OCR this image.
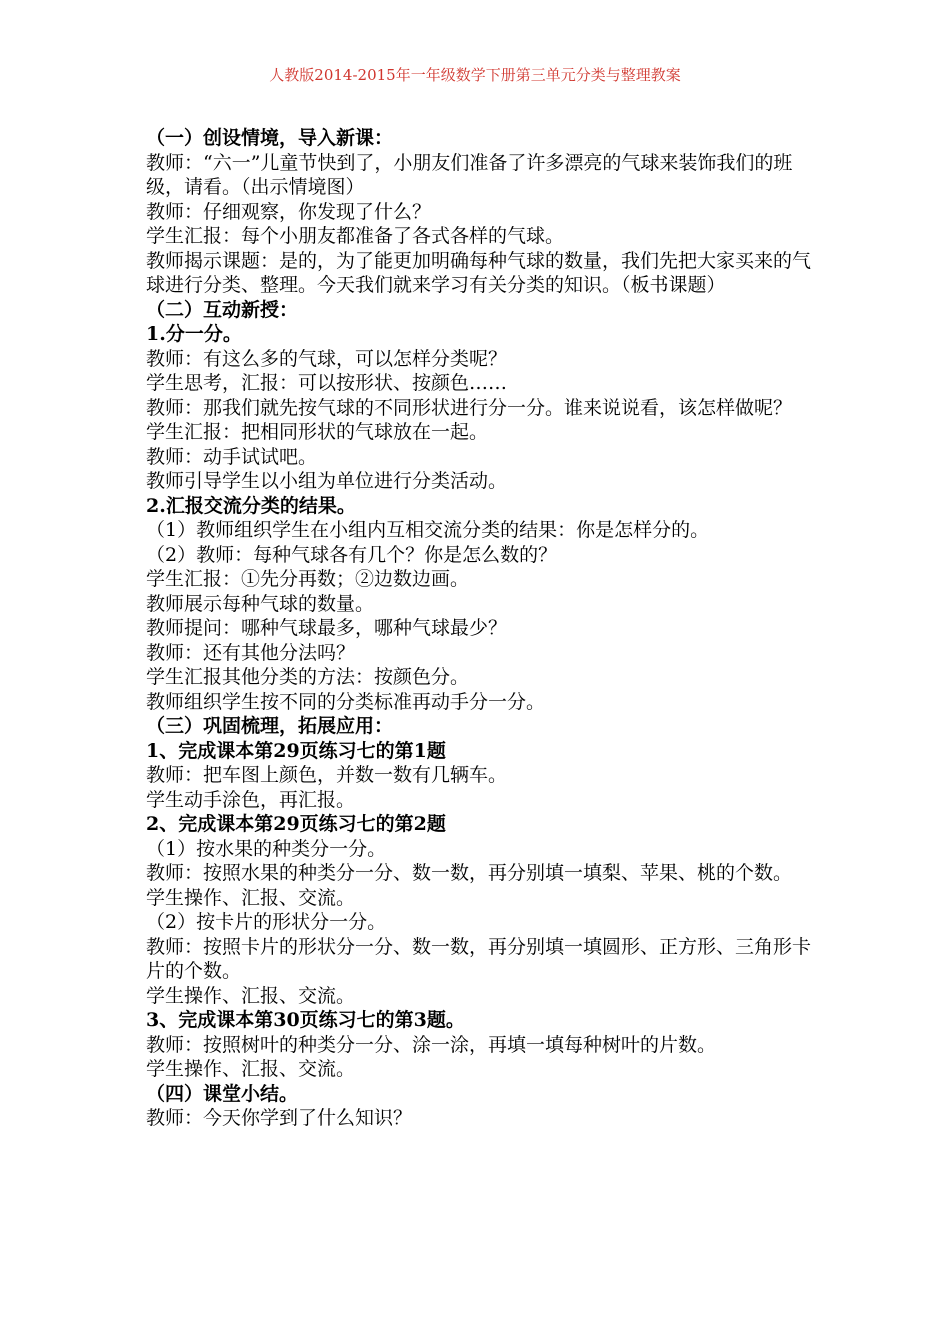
人教版2014-2015年一年级数学下册第三单元分类与整理教案
（一）创设情境，导入新课：
教师：“六一”儿童节快到了，小朋友们准备了许多漂亮的气球来装饰我们的班级，请看。（出示情境图）
教师：仔细观察，你发现了什么？
学生汇报：每个小朋友都准备了各式各样的气球。
教师揭示课题：是的，为了能更加明确每种气球的数量，我们先把大家买来的气球进行分类、整理。今天我们就来学习有关分类的知识。（板书课题）
（二）互动新授：
1.分一分。
教师：有这么多的气球，可以怎样分类呢？
学生思考，汇报：可以按形状、按颜色……
教师：那我们就先按气球的不同形状进行分一分。谁来说说看，该怎样做呢？
学生汇报：把相同形状的气球放在一起。
教师：动手试试吧。
教师引导学生以小组为单位进行分类活动。
2.汇报交流分类的结果。
（1）教师组织学生在小组内互相交流分类的结果：你是怎样分的。
（2）教师：每种气球各有几个？你是怎么数的？
学生汇报：①先分再数；②边数边画。
教师展示每种气球的数量。
教师提问：哪种气球最多，哪种气球最少？
教师：还有其他分法吗？
学生汇报其他分类的方法：按颜色分。
教师组织学生按不同的分类标准再动手分一分。
（三）巩固梳理，拓展应用：
1、完成课本第29页练习七的第1题
教师：把车图上颜色，并数一数有几辆车。
学生动手涂色，再汇报。
2、完成课本第29页练习七的第2题
（1）按水果的种类分一分。
教师：按照水果的种类分一分、数一数，再分别填一填梨、苹果、桃的个数。
学生操作、汇报、交流。
（2）按卡片的形状分一分。
教师：按照卡片的形状分一分、数一数，再分别填一填圆形、正方形、三角形卡片的个数。
学生操作、汇报、交流。
3、完成课本第30页练习七的第3题。
教师：按照树叶的种类分一分、涂一涂，再填一填每种树叶的片数。
学生操作、汇报、交流。
（四）课堂小结。
教师：今天你学到了什么知识？
